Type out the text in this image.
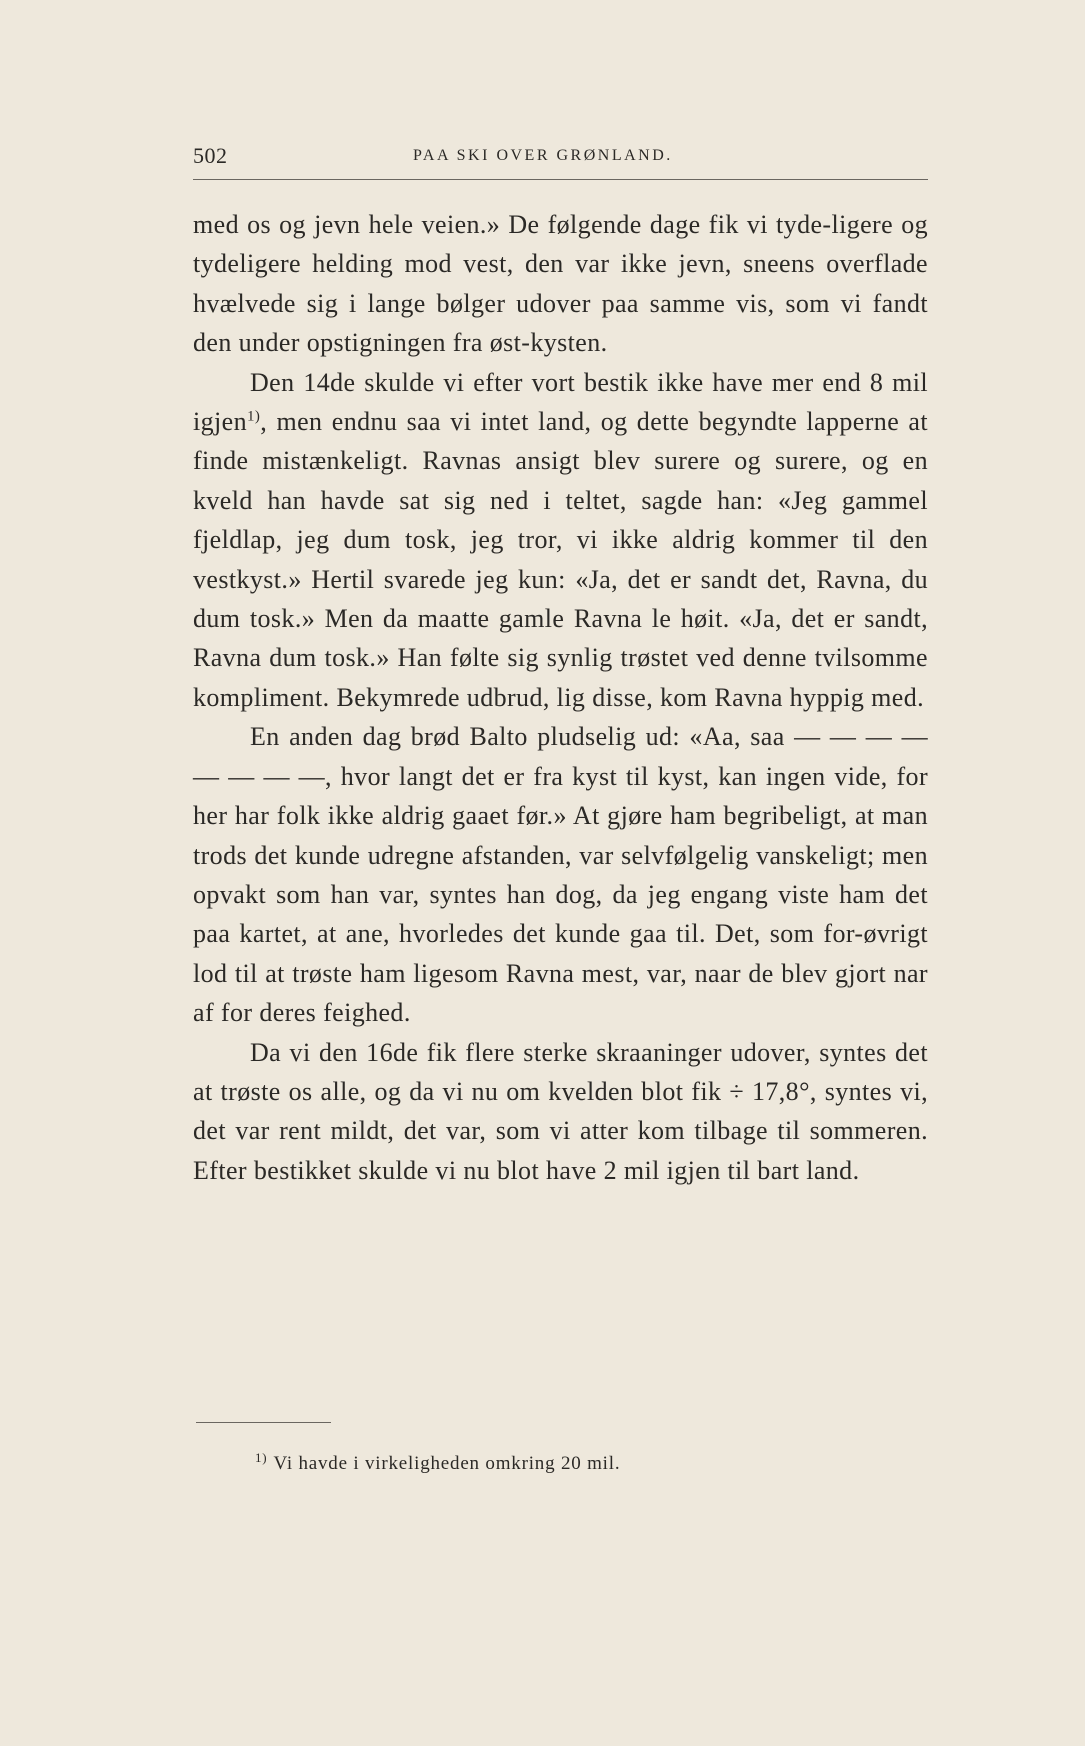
502	PAA SKI OVER GRØNLAND.

med os og jevn hele veien.» De følgende dage fik vi tyde-ligere og tydeligere helding mod vest, den var ikke jevn, sneens overflade hvælvede sig i lange bølger udover paa samme vis, som vi fandt den under opstigningen fra øst-kysten.

Den 14de skulde vi efter vort bestik ikke have mer end 8 mil igjen$^{1)}$, men endnu saa vi intet land, og dette begyndte lapperne at finde mistænkeligt. Ravnas ansigt blev surere og surere, og en kveld han havde sat sig ned i teltet, sagde han: «Jeg gammel fjeldlap, jeg dum tosk, jeg tror, vi ikke aldrig kommer til den vestkyst.» Hertil svarede jeg kun: «Ja, det er sandt det, Ravna, du dum tosk.» Men da maatte gamle Ravna le høit. «Ja, det er sandt, Ravna dum tosk.» Han følte sig synlig trøstet ved denne tvilsomme kompliment. Bekymrede udbrud, lig disse, kom Ravna hyppig med.

En anden dag brød Balto pludselig ud: «Aa, saa — — — — — — — —, hvor langt det er fra kyst til kyst, kan ingen vide, for her har folk ikke aldrig gaaet før.» At gjøre ham begribeligt, at man trods det kunde udregne afstanden, var selvfølgelig vanskeligt; men opvakt som han var, syntes han dog, da jeg engang viste ham det paa kartet, at ane, hvorledes det kunde gaa til. Det, som for-øvrigt lod til at trøste ham ligesom Ravna mest, var, naar de blev gjort nar af for deres feighed.

Da vi den 16de fik flere sterke skraaninger udover, syntes det at trøste os alle, og da vi nu om kvelden blot fik ÷ 17,8°, syntes vi, det var rent mildt, det var, som vi atter kom tilbage til sommeren. Efter bestikket skulde vi nu blot have 2 mil igjen til bart land.

$^{1)}$ Vi havde i virkeligheden omkring 20 mil.
